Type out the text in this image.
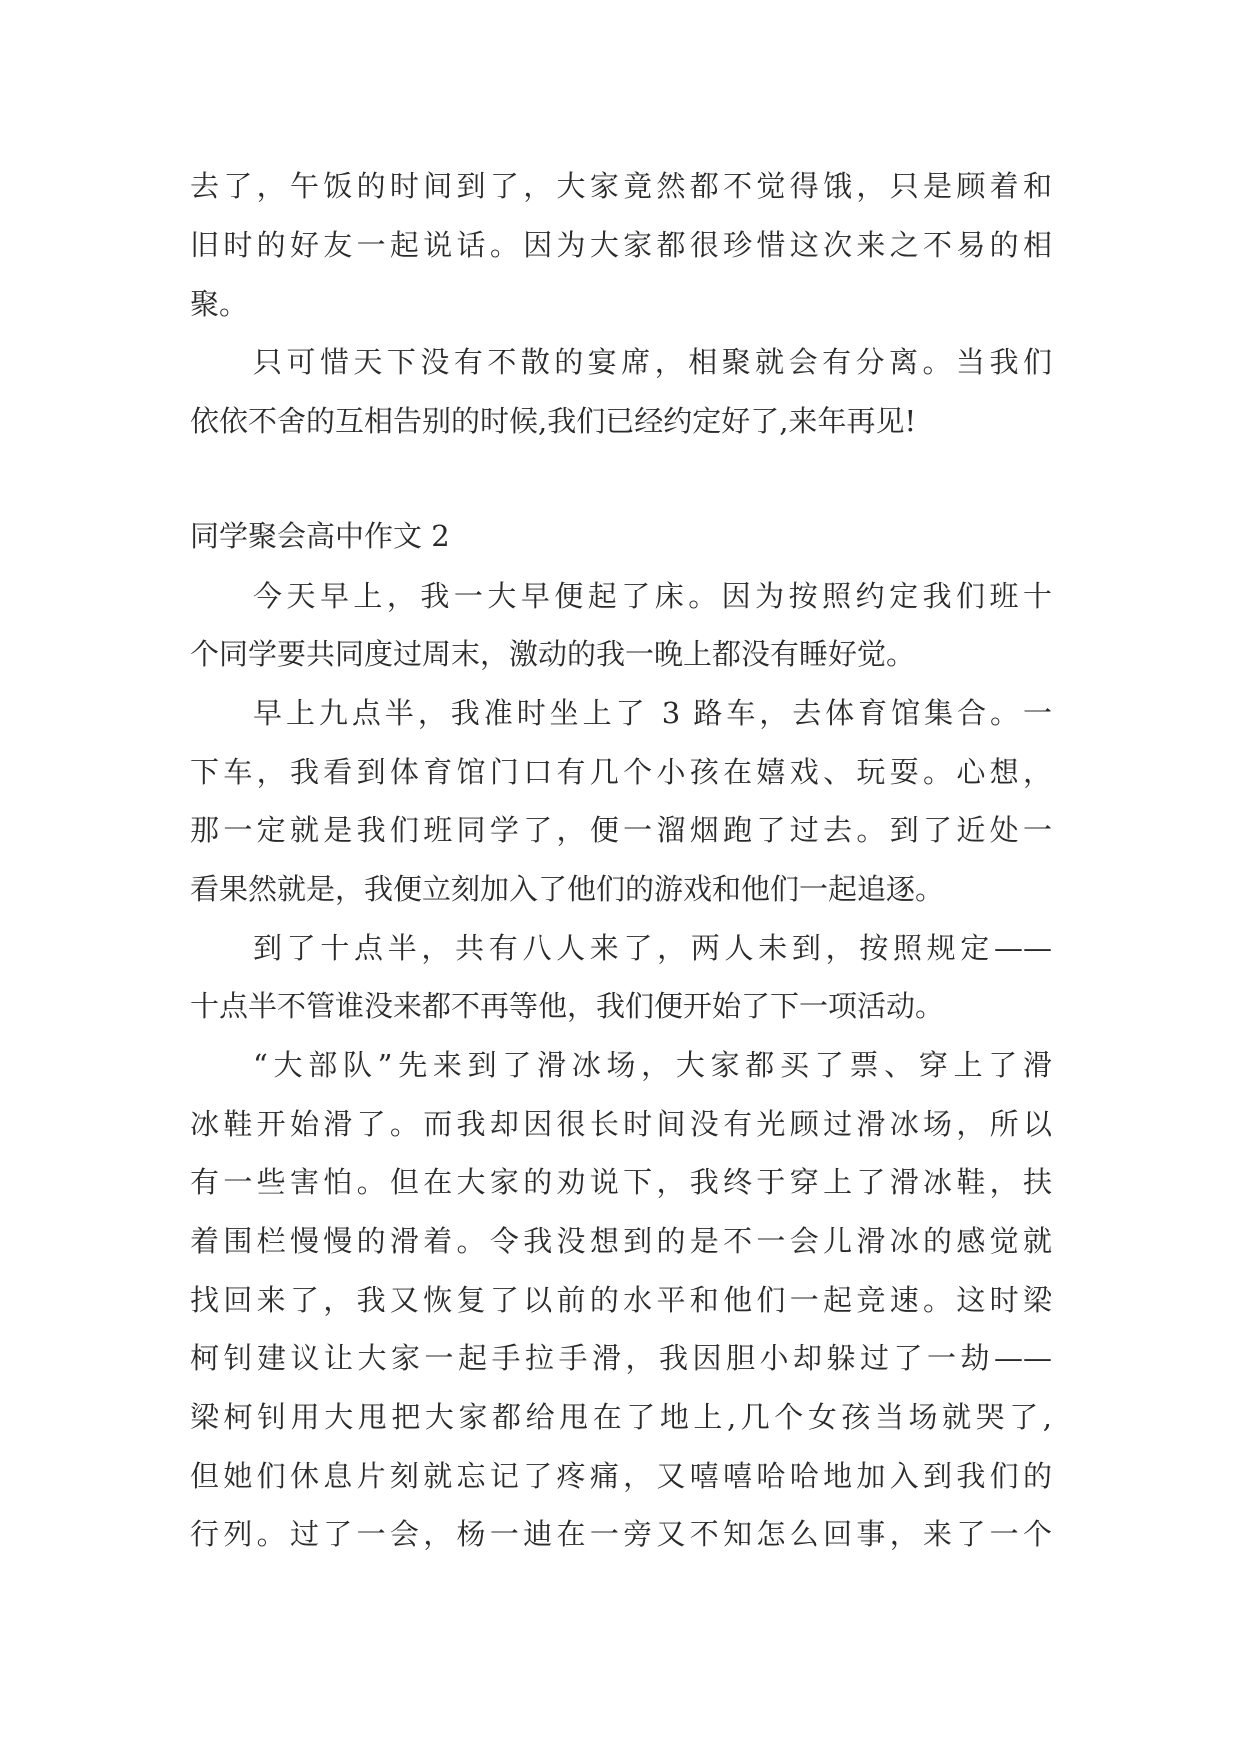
去了，午饭的时间到了，大家竟然都不觉得饿，只是顾着和
旧时的好友一起说话。因为大家都很珍惜这次来之不易的相
聚。
只可惜天下没有不散的宴席，相聚就会有分离。当我们
依依不舍的互相告别的时候,我们已经约定好了,来年再见!
同学聚会高中作文 2
今天早上，我一大早便起了床。因为按照约定我们班十
个同学要共同度过周末，激动的我一晚上都没有睡好觉。
早上九点半，我准时坐上了 3 路车，去体育馆集合。一
下车，我看到体育馆门口有几个小孩在嬉戏、玩耍。心想，
那一定就是我们班同学了，便一溜烟跑了过去。到了近处一
看果然就是，我便立刻加入了他们的游戏和他们一起追逐。
到了十点半，共有八人来了，两人未到，按照规定——
十点半不管谁没来都不再等他，我们便开始了下一项活动。
“大部队”先来到了滑冰场，大家都买了票、穿上了滑
冰鞋开始滑了。而我却因很长时间没有光顾过滑冰场，所以
有一些害怕。但在大家的劝说下，我终于穿上了滑冰鞋，扶
着围栏慢慢的滑着。令我没想到的是不一会儿滑冰的感觉就
找回来了，我又恢复了以前的水平和他们一起竞速。这时梁
柯钊建议让大家一起手拉手滑，我因胆小却躲过了一劫——
梁柯钊用大甩把大家都给甩在了地上,几个女孩当场就哭了,
但她们休息片刻就忘记了疼痛，又嘻嘻哈哈地加入到我们的
行列。过了一会，杨一迪在一旁又不知怎么回事，来了一个
